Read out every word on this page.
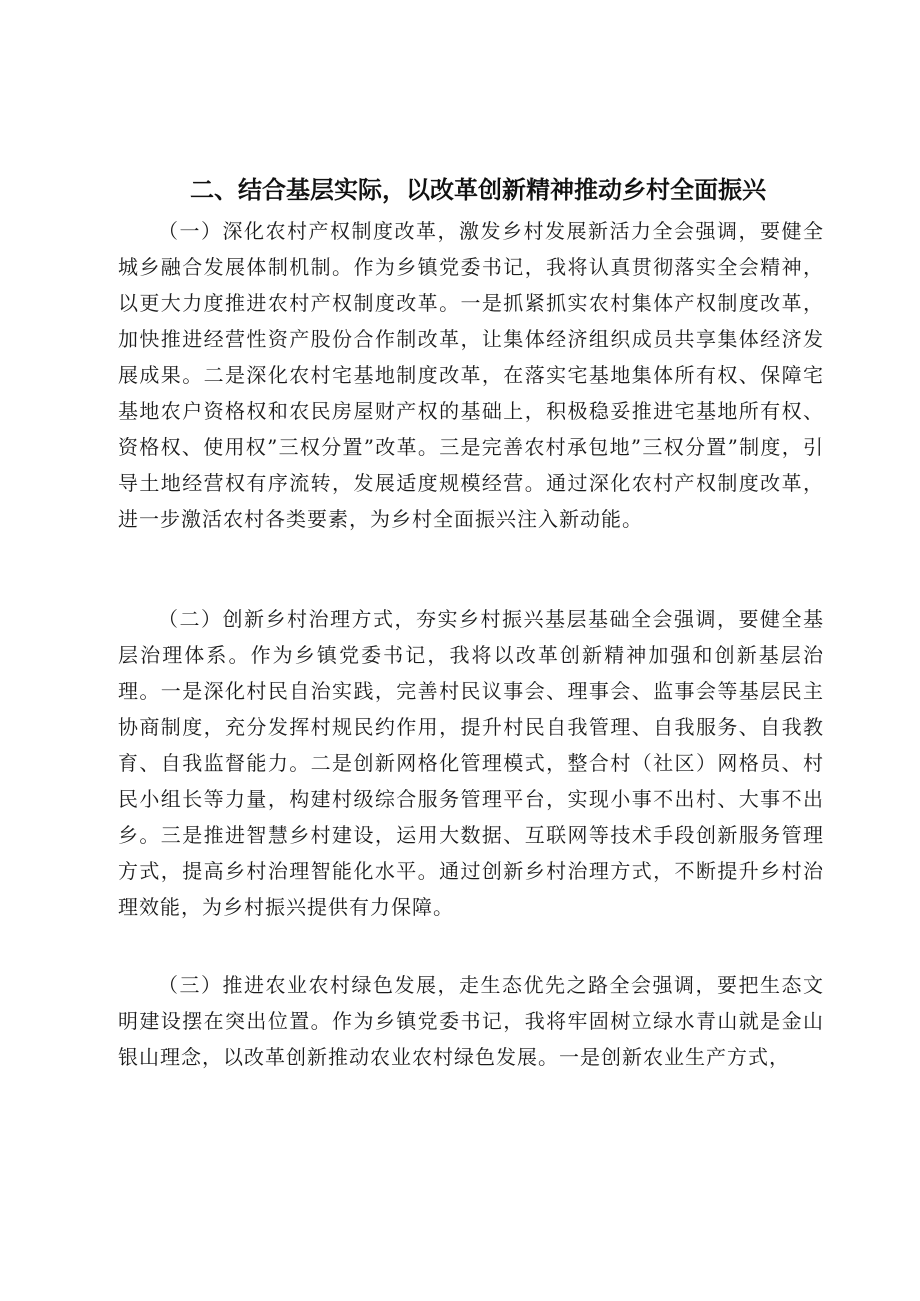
二、结合基层实际，以改革创新精神推动乡村全面振兴

（一）深化农村产权制度改革，激发乡村发展新活力全会强调，要健全城乡融合发展体制机制。作为乡镇党委书记，我将认真贯彻落实全会精神，以更大力度推进农村产权制度改革。一是抓紧抓实农村集体产权制度改革，加快推进经营性资产股份合作制改革，让集体经济组织成员共享集体经济发展成果。二是深化农村宅基地制度改革，在落实宅基地集体所有权、保障宅基地农户资格权和农民房屋财产权的基础上，积极稳妥推进宅基地所有权、资格权、使用权”三权分置”改革。三是完善农村承包地”三权分置”制度，引导土地经营权有序流转，发展适度规模经营。通过深化农村产权制度改革，进一步激活农村各类要素，为乡村全面振兴注入新动能。

（二）创新乡村治理方式，夯实乡村振兴基层基础全会强调，要健全基层治理体系。作为乡镇党委书记，我将以改革创新精神加强和创新基层治理。一是深化村民自治实践，完善村民议事会、理事会、监事会等基层民主协商制度，充分发挥村规民约作用，提升村民自我管理、自我服务、自我教育、自我监督能力。二是创新网格化管理模式，整合村（社区）网格员、村民小组长等力量，构建村级综合服务管理平台，实现小事不出村、大事不出乡。三是推进智慧乡村建设，运用大数据、互联网等技术手段创新服务管理方式，提高乡村治理智能化水平。通过创新乡村治理方式，不断提升乡村治理效能，为乡村振兴提供有力保障。

（三）推进农业农村绿色发展，走生态优先之路全会强调，要把生态文明建设摆在突出位置。作为乡镇党委书记，我将牢固树立绿水青山就是金山银山理念，以改革创新推动农业农村绿色发展。一是创新农业生产方式，
